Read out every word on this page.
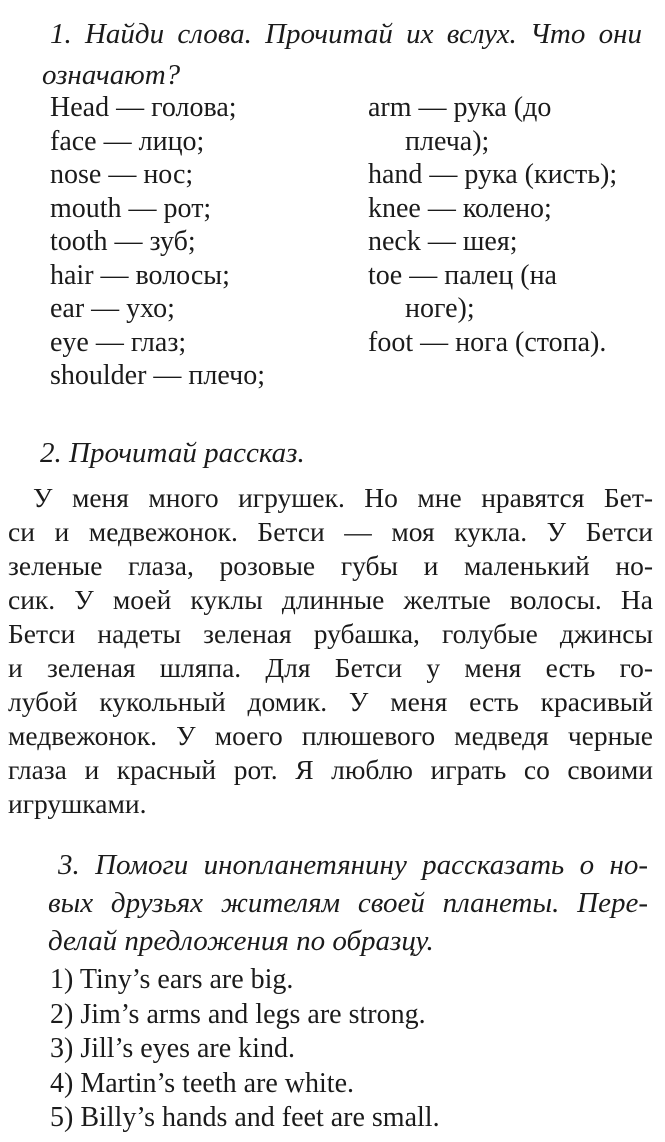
1. Найди слова. Прочитай их вслух. Что они
означают?
Head — голова;
face — лицо;
nose — нос;
mouth — рот;
tooth — зуб;
hair — волосы;
ear — ухо;
eye — глаз;
shoulder — плечо;
arm — рука (до
плеча);
hand — рука (кисть);
knee — колено;
neck — шея;
toe — палец (на
ноге);
foot — нога (стопа).
2. Прочитай рассказ.
У меня много игрушек. Но мне нравятся Бет-
си и медвежонок. Бетси — моя кукла. У Бетси
зеленые глаза, розовые губы и маленький но-
сик. У моей куклы длинные желтые волосы. На
Бетси надеты зеленая рубашка, голубые джинсы
и зеленая шляпа. Для Бетси у меня есть го-
лубой кукольный домик. У меня есть красивый
медвежонок. У моего плюшевого медведя черные
глаза и красный рот. Я люблю играть со своими
игрушками.
3. Помоги инопланетянину рассказать о но-
вых друзьях жителям своей планеты. Пере-
делай предложения по образцу.
1) Tiny’s ears are big.
2) Jim’s arms and legs are strong.
3) Jill’s eyes are kind.
4) Martin’s teeth are white.
5) Billy’s hands and feet are small.
